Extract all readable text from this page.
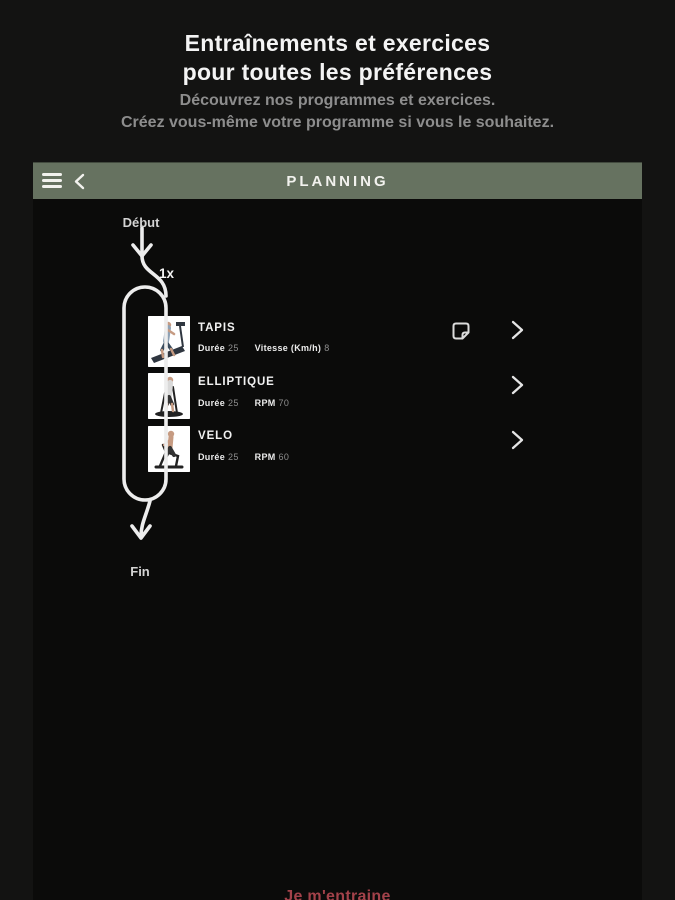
Entraînements et exercices
pour toutes les préférences
Découvrez nos programmes et exercices.
Créez vous-même votre programme si vous le souhaitez.
PLANNING
Début
1x
Fin
TAPIS
Durée 25 Vitesse (Km/h) 8
ELLIPTIQUE
Durée 25 RPM 70
VELO
Durée 25 RPM 60
Je m'entraine
